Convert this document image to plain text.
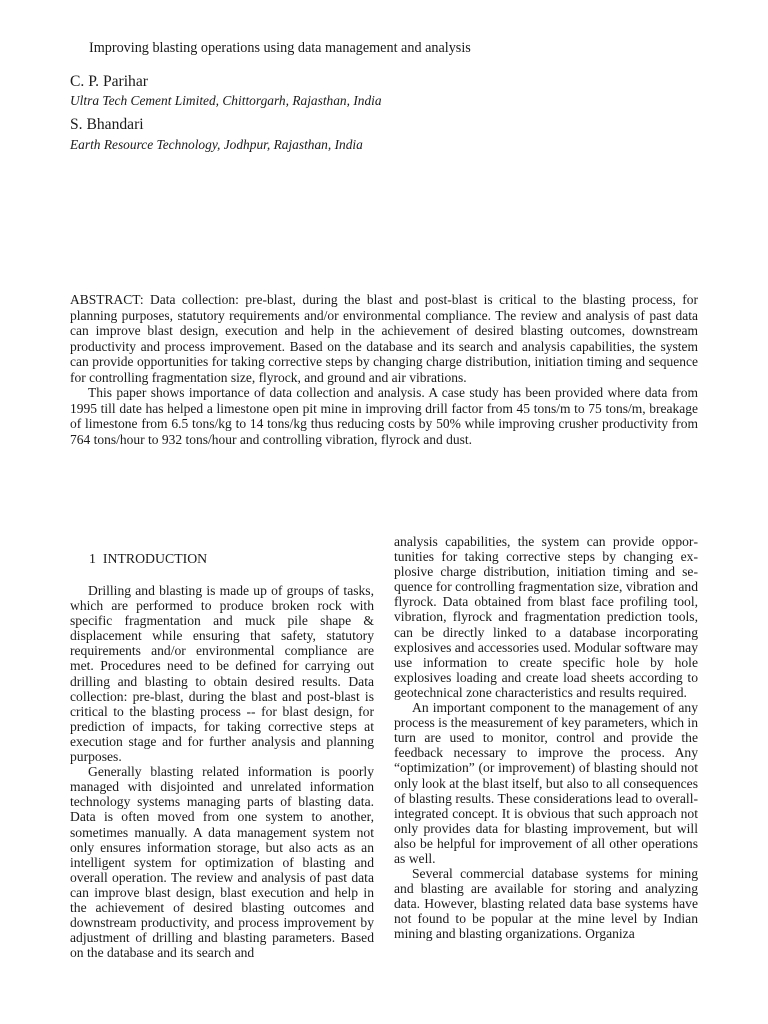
Improving blasting operations using data management and analysis
C. P. Parihar
Ultra Tech Cement Limited, Chittorgarh, Rajasthan, India
S. Bhandari
Earth Resource Technology, Jodhpur, Rajasthan, India

ABSTRACT: Data collection: pre-blast, during the blast and post-blast is critical to the blasting process, for planning purposes, statutory requirements and/or environmental compliance. The review and analysis of past data can improve blast design, execution and help in the achievement of desired blasting outcomes, downstream productivity and process improvement. Based on the database and its search and analysis capabilities, the system can provide opportunities for taking corrective steps by changing charge distribution, initiation timing and sequence for controlling fragmentation size, flyrock, and ground and air vibrations.

This paper shows importance of data collection and analysis. A case study has been provided where data from 1995 till date has helped a limestone open pit mine in improving drill factor from 45 tons/m to 75 tons/m, breakage of limestone from 6.5 tons/kg to 14 tons/kg thus reducing costs by 50% while improving crusher productivity from 764 tons/hour to 932 tons/hour and controlling vibration, flyrock and dust.

1 INTRODUCTION

Drilling and blasting is made up of groups of tasks, which are performed to produce broken rock with specific fragmentation and muck pile shape & displacement while ensuring that safety, statutory requirements and/or environmental compliance are met. Procedures need to be defined for carrying out drilling and blasting to obtain desired results. Data collection: pre-blast, during the blast and post-blast is critical to the blasting process -- for blast design, for prediction of impacts, for taking corrective steps at execution stage and for further analysis and planning purposes.

Generally blasting related information is poorly managed with disjointed and unrelated information technology systems managing parts of blasting data. Data is often moved from one system to another, sometimes manually. A data management system not only ensures information storage, but also acts as an intelligent system for optimization of blasting and overall operation. The review and analysis of past data can improve blast design, blast execution and help in the achievement of desired blasting outcomes and downstream productivity, and process improvement by adjustment of drilling and blasting parameters. Based on the database and its search and

analysis capabilities, the system can provide opportunities for taking corrective steps by changing explosive charge distribution, initiation timing and sequence for controlling fragmentation size, vibration and flyrock. Data obtained from blast face profiling tool, vibration, flyrock and fragmentation prediction tools, can be directly linked to a database incorporating explosives and accessories used. Modular software may use information to create specific hole by hole explosives loading and create load sheets according to geotechnical zone characteristics and results required.

An important component to the management of any process is the measurement of key parameters, which in turn are used to monitor, control and provide the feedback necessary to improve the process. Any “optimization” (or improvement) of blasting should not only look at the blast itself, but also to all consequences of blasting results. These considerations lead to overall-integrated concept. It is obvious that such approach not only provides data for blasting improvement, but will also be helpful for improvement of all other operations as well.

Several commercial database systems for mining and blasting are available for storing and analyzing data. However, blasting related data base systems have not found to be popular at the mine level by Indian mining and blasting organizations. Organiza
